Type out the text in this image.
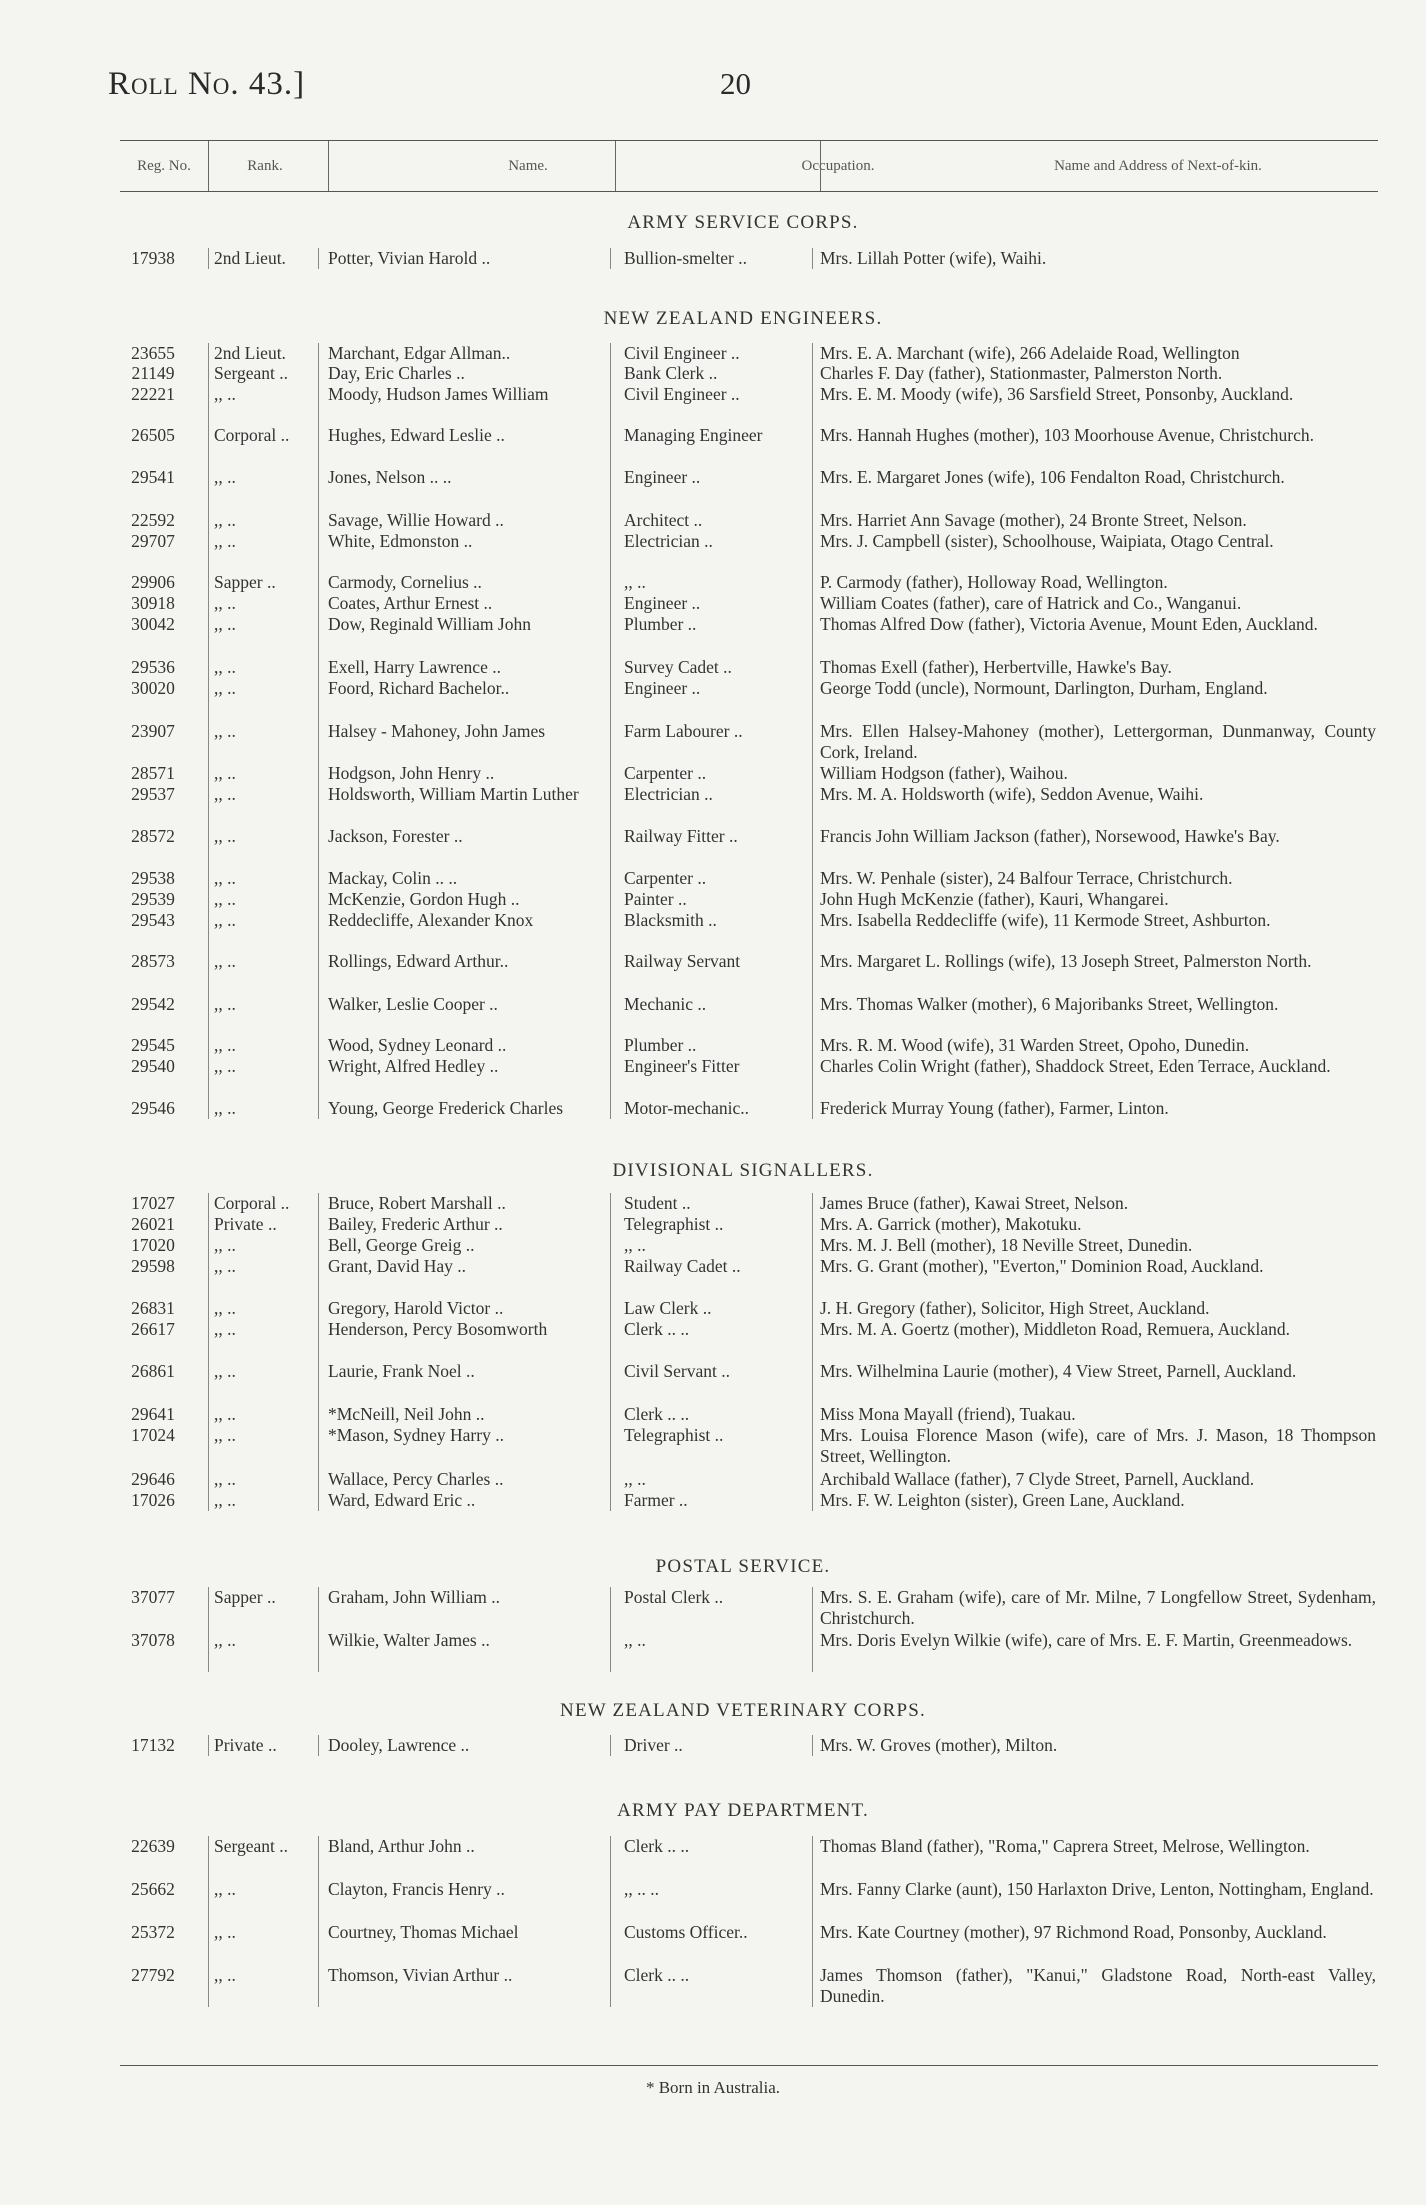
Roll No. 43.]	20
Reg. No.	Rank.	Name.	Occupation.	Name and Address of Next-of-kin.
ARMY SERVICE CORPS.
17938	2nd Lieut.	Potter, Vivian Harold ..	Bullion-smelter ..	Mrs. Lillah Potter (wife), Waihi.
NEW ZEALAND ENGINEERS.
23655	2nd Lieut.	Marchant, Edgar Allman..	Civil Engineer ..	Mrs. E. A. Marchant (wife), 266 Adelaide Road, Wellington
21149	Sergeant ..	Day, Eric Charles ..	Bank Clerk ..	Charles F. Day (father), Stationmaster, Palmerston North.
22221	,, ..	Moody, Hudson James William	Civil Engineer ..	Mrs. E. M. Moody (wife), 36 Sarsfield Street, Ponsonby, Auckland.
26505	Corporal ..	Hughes, Edward Leslie ..	Managing Engineer	Mrs. Hannah Hughes (mother), 103 Moorhouse Avenue, Christchurch.
29541	,, ..	Jones, Nelson .. ..	Engineer ..	Mrs. E. Margaret Jones (wife), 106 Fendalton Road, Christchurch.
22592	,, ..	Savage, Willie Howard ..	Architect ..	Mrs. Harriet Ann Savage (mother), 24 Bronte Street, Nelson.
29707	,, ..	White, Edmonston ..	Electrician ..	Mrs. J. Campbell (sister), Schoolhouse, Waipiata, Otago Central.
29906	Sapper ..	Carmody, Cornelius ..	,, ..	P. Carmody (father), Holloway Road, Wellington.
30918	,, ..	Coates, Arthur Ernest ..	Engineer ..	William Coates (father), care of Hatrick and Co., Wanganui.
30042	,, ..	Dow, Reginald William John	Plumber ..	Thomas Alfred Dow (father), Victoria Avenue, Mount Eden, Auckland.
29536	,, ..	Exell, Harry Lawrence ..	Survey Cadet ..	Thomas Exell (father), Herbertville, Hawke's Bay.
30020	,, ..	Foord, Richard Bachelor..	Engineer ..	George Todd (uncle), Normount, Darlington, Durham, England.
23907	,, ..	Halsey - Mahoney, John James	Farm Labourer ..	Mrs. Ellen Halsey-Mahoney (mother), Lettergorman, Dunmanway, County Cork, Ireland.
28571	,, ..	Hodgson, John Henry ..	Carpenter ..	William Hodgson (father), Waihou.
29537	,, ..	Holdsworth, William Martin Luther	Electrician ..	Mrs. M. A. Holdsworth (wife), Seddon Avenue, Waihi.
28572	,, ..	Jackson, Forester ..	Railway Fitter ..	Francis John William Jackson (father), Norsewood, Hawke's Bay.
29538	,, ..	Mackay, Colin .. ..	Carpenter ..	Mrs. W. Penhale (sister), 24 Balfour Terrace, Christchurch.
29539	,, ..	McKenzie, Gordon Hugh ..	Painter ..	John Hugh McKenzie (father), Kauri, Whangarei.
29543	,, ..	Reddecliffe, Alexander Knox	Blacksmith ..	Mrs. Isabella Reddecliffe (wife), 11 Kermode Street, Ashburton.
28573	,, ..	Rollings, Edward Arthur..	Railway Servant	Mrs. Margaret L. Rollings (wife), 13 Joseph Street, Palmerston North.
29542	,, ..	Walker, Leslie Cooper ..	Mechanic ..	Mrs. Thomas Walker (mother), 6 Majoribanks Street, Wellington.
29545	,, ..	Wood, Sydney Leonard ..	Plumber ..	Mrs. R. M. Wood (wife), 31 Warden Street, Opoho, Dunedin.
29540	,, ..	Wright, Alfred Hedley ..	Engineer's Fitter	Charles Colin Wright (father), Shaddock Street, Eden Terrace, Auckland.
29546	,, ..	Young, George Frederick Charles	Motor-mechanic..	Frederick Murray Young (father), Farmer, Linton.
DIVISIONAL SIGNALLERS.
17027	Corporal ..	Bruce, Robert Marshall ..	Student ..	James Bruce (father), Kawai Street, Nelson.
26021	Private ..	Bailey, Frederic Arthur ..	Telegraphist ..	Mrs. A. Garrick (mother), Makotuku.
17020	,, ..	Bell, George Greig ..	,, ..	Mrs. M. J. Bell (mother), 18 Neville Street, Dunedin.
29598	,, ..	Grant, David Hay ..	Railway Cadet ..	Mrs. G. Grant (mother), "Everton," Dominion Road, Auckland.
26831	,, ..	Gregory, Harold Victor ..	Law Clerk ..	J. H. Gregory (father), Solicitor, High Street, Auckland.
26617	,, ..	Henderson, Percy Bosomworth	Clerk .. ..	Mrs. M. A. Goertz (mother), Middleton Road, Remuera, Auckland.
26861	,, ..	Laurie, Frank Noel ..	Civil Servant ..	Mrs. Wilhelmina Laurie (mother), 4 View Street, Parnell, Auckland.
29641	,, ..	*McNeill, Neil John ..	Clerk .. ..	Miss Mona Mayall (friend), Tuakau.
17024	,, ..	*Mason, Sydney Harry ..	Telegraphist ..	Mrs. Louisa Florence Mason (wife), care of Mrs. J. Mason, 18 Thompson Street, Wellington.
29646	,, ..	Wallace, Percy Charles ..	,, ..	Archibald Wallace (father), 7 Clyde Street, Parnell, Auckland.
17026	,, ..	Ward, Edward Eric ..	Farmer ..	Mrs. F. W. Leighton (sister), Green Lane, Auckland.
POSTAL SERVICE.
37077	Sapper ..	Graham, John William ..	Postal Clerk ..	Mrs. S. E. Graham (wife), care of Mr. Milne, 7 Longfellow Street, Sydenham, Christchurch.
37078	,, ..	Wilkie, Walter James ..	,, ..	Mrs. Doris Evelyn Wilkie (wife), care of Mrs. E. F. Martin, Greenmeadows.
NEW ZEALAND VETERINARY CORPS.
17132	Private ..	Dooley, Lawrence ..	Driver ..	Mrs. W. Groves (mother), Milton.
ARMY PAY DEPARTMENT.
22639	Sergeant ..	Bland, Arthur John ..	Clerk .. ..	Thomas Bland (father), "Roma," Caprera Street, Melrose, Wellington.
25662	,, ..	Clayton, Francis Henry ..	,, .. ..	Mrs. Fanny Clarke (aunt), 150 Harlaxton Drive, Lenton, Nottingham, England.
25372	,, ..	Courtney, Thomas Michael	Customs Officer..	Mrs. Kate Courtney (mother), 97 Richmond Road, Ponsonby, Auckland.
27792	,, ..	Thomson, Vivian Arthur ..	Clerk .. ..	James Thomson (father), "Kanui," Gladstone Road, North-east Valley, Dunedin.
* Born in Australia.
